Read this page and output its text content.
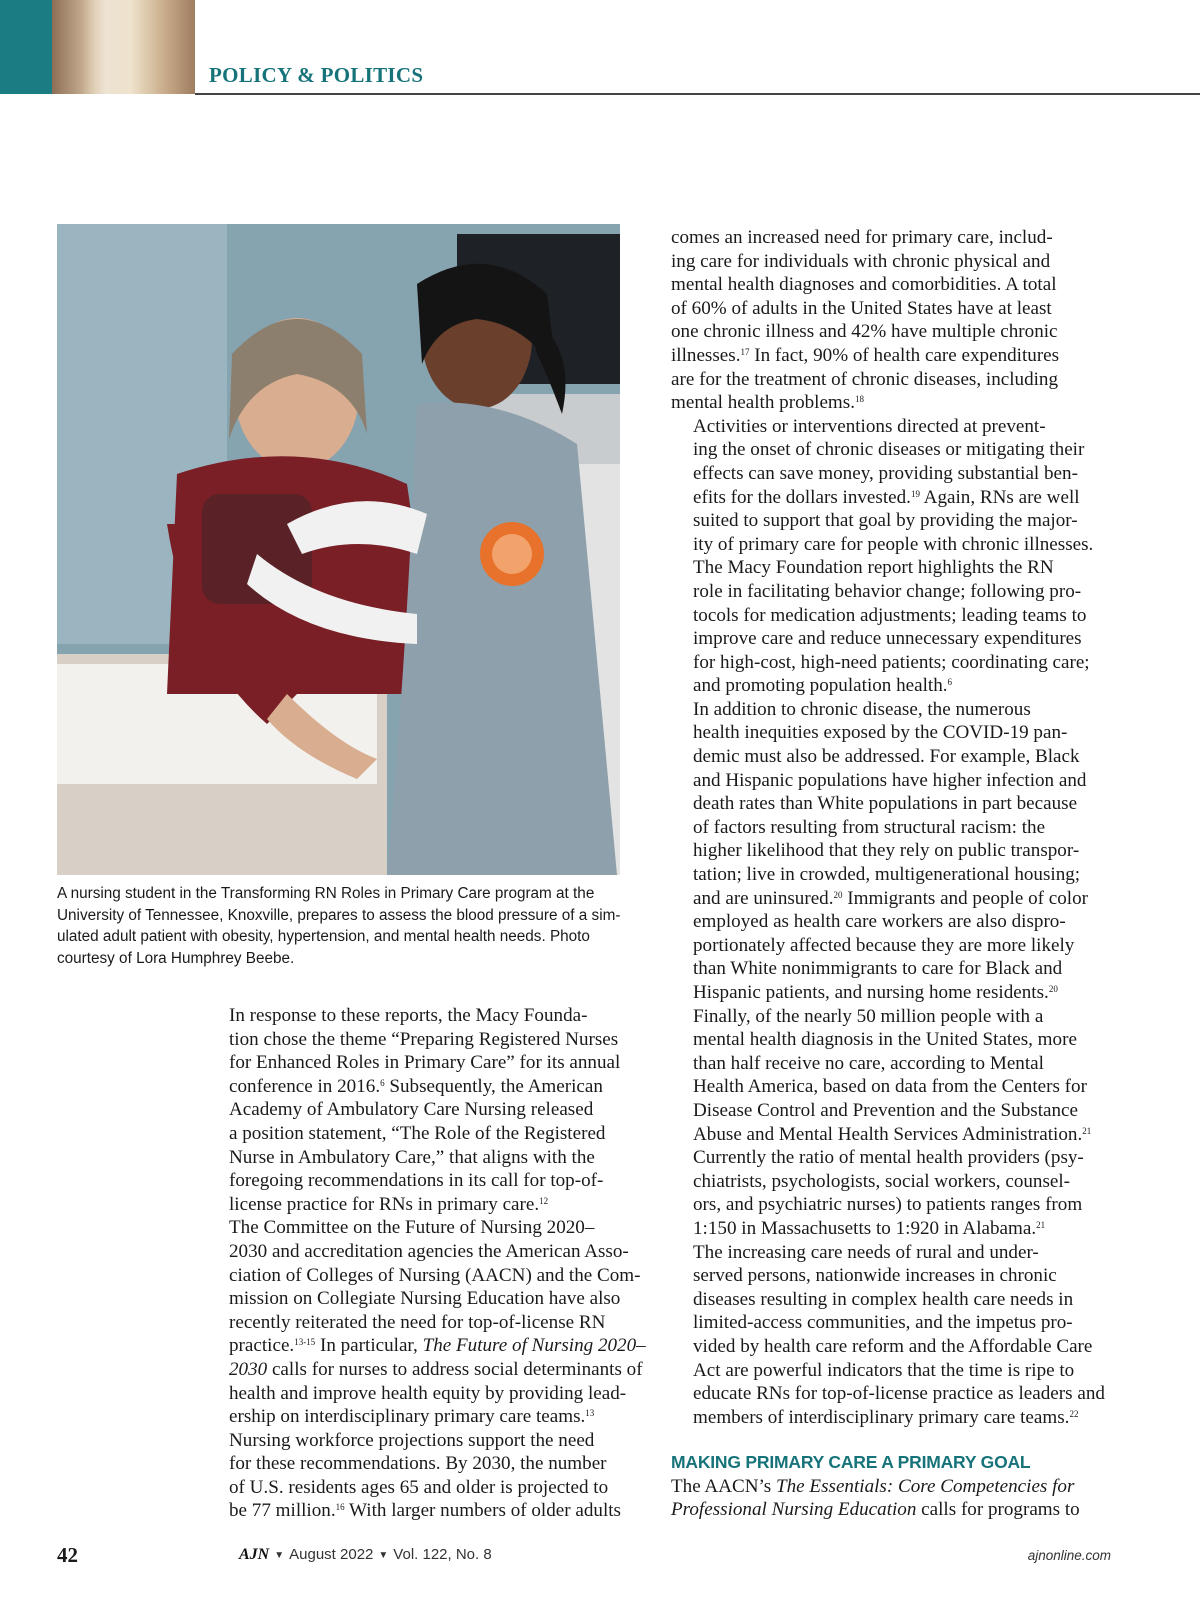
POLICY & POLITICS

A nursing student in the Transforming RN Roles in Primary Care program at the
University of Tennessee, Knoxville, prepares to assess the blood pressure of a sim-
ulated adult patient with obesity, hypertension, and mental health needs. Photo
courtesy of Lora Humphrey Beebe.

In response to these reports, the Macy Founda-
tion chose the theme “Preparing Registered Nurses
for Enhanced Roles in Primary Care” for its annual
conference in 2016.$^6$ Subsequently, the American
Academy of Ambulatory Care Nursing released
a position statement, “The Role of the Registered
Nurse in Ambulatory Care,” that aligns with the
foregoing recommendations in its call for top-of-
license practice for RNs in primary care.$^{12}$

The Committee on the Future of Nursing 2020–
2030 and accreditation agencies the American Asso-
ciation of Colleges of Nursing (AACN) and the Com-
mission on Collegiate Nursing Education have also
recently reiterated the need for top-of-license RN
practice.$^{13-15}$ In particular, The Future of Nursing 2020–
2030 calls for nurses to address social determinants of
health and improve health equity by providing lead-
ership on interdisciplinary primary care teams.$^{13}$

Nursing workforce projections support the need
for these recommendations. By 2030, the number
of U.S. residents ages 65 and older is projected to
be 77 million.$^{16}$ With larger numbers of older adults

comes an increased need for primary care, includ-
ing care for individuals with chronic physical and
mental health diagnoses and comorbidities. A total
of 60% of adults in the United States have at least
one chronic illness and 42% have multiple chronic
illnesses.$^{17}$ In fact, 90% of health care expenditures
are for the treatment of chronic diseases, including
mental health problems.$^{18}$

Activities or interventions directed at prevent-
ing the onset of chronic diseases or mitigating their
effects can save money, providing substantial ben-
efits for the dollars invested.$^{19}$ Again, RNs are well
suited to support that goal by providing the major-
ity of primary care for people with chronic illnesses.
The Macy Foundation report highlights the RN
role in facilitating behavior change; following pro-
tocols for medication adjustments; leading teams to
improve care and reduce unnecessary expenditures
for high-cost, high-need patients; coordinating care;
and promoting population health.$^6$

In addition to chronic disease, the numerous
health inequities exposed by the COVID-19 pan-
demic must also be addressed. For example, Black
and Hispanic populations have higher infection and
death rates than White populations in part because
of factors resulting from structural racism: the
higher likelihood that they rely on public transpor-
tation; live in crowded, multigenerational housing;
and are uninsured.$^{20}$ Immigrants and people of color
employed as health care workers are also dispro-
portionately affected because they are more likely
than White nonimmigrants to care for Black and
Hispanic patients, and nursing home residents.$^{20}$

Finally, of the nearly 50 million people with a
mental health diagnosis in the United States, more
than half receive no care, according to Mental
Health America, based on data from the Centers for
Disease Control and Prevention and the Substance
Abuse and Mental Health Services Administration.$^{21}$
Currently the ratio of mental health providers (psy-
chiatrists, psychologists, social workers, counsel-
ors, and psychiatric nurses) to patients ranges from
1:150 in Massachusetts to 1:920 in Alabama.$^{21}$

The increasing care needs of rural and under-
served persons, nationwide increases in chronic
diseases resulting in complex health care needs in
limited-access communities, and the impetus pro-
vided by health care reform and the Affordable Care
Act are powerful indicators that the time is ripe to
educate RNs for top-of-license practice as leaders and
members of interdisciplinary primary care teams.$^{22}$

MAKING PRIMARY CARE A PRIMARY GOAL

The AACN’s The Essentials: Core Competencies for
Professional Nursing Education calls for programs to

42	AJN ▼ August 2022 ▼ Vol. 122, No. 8	ajnonline.com
